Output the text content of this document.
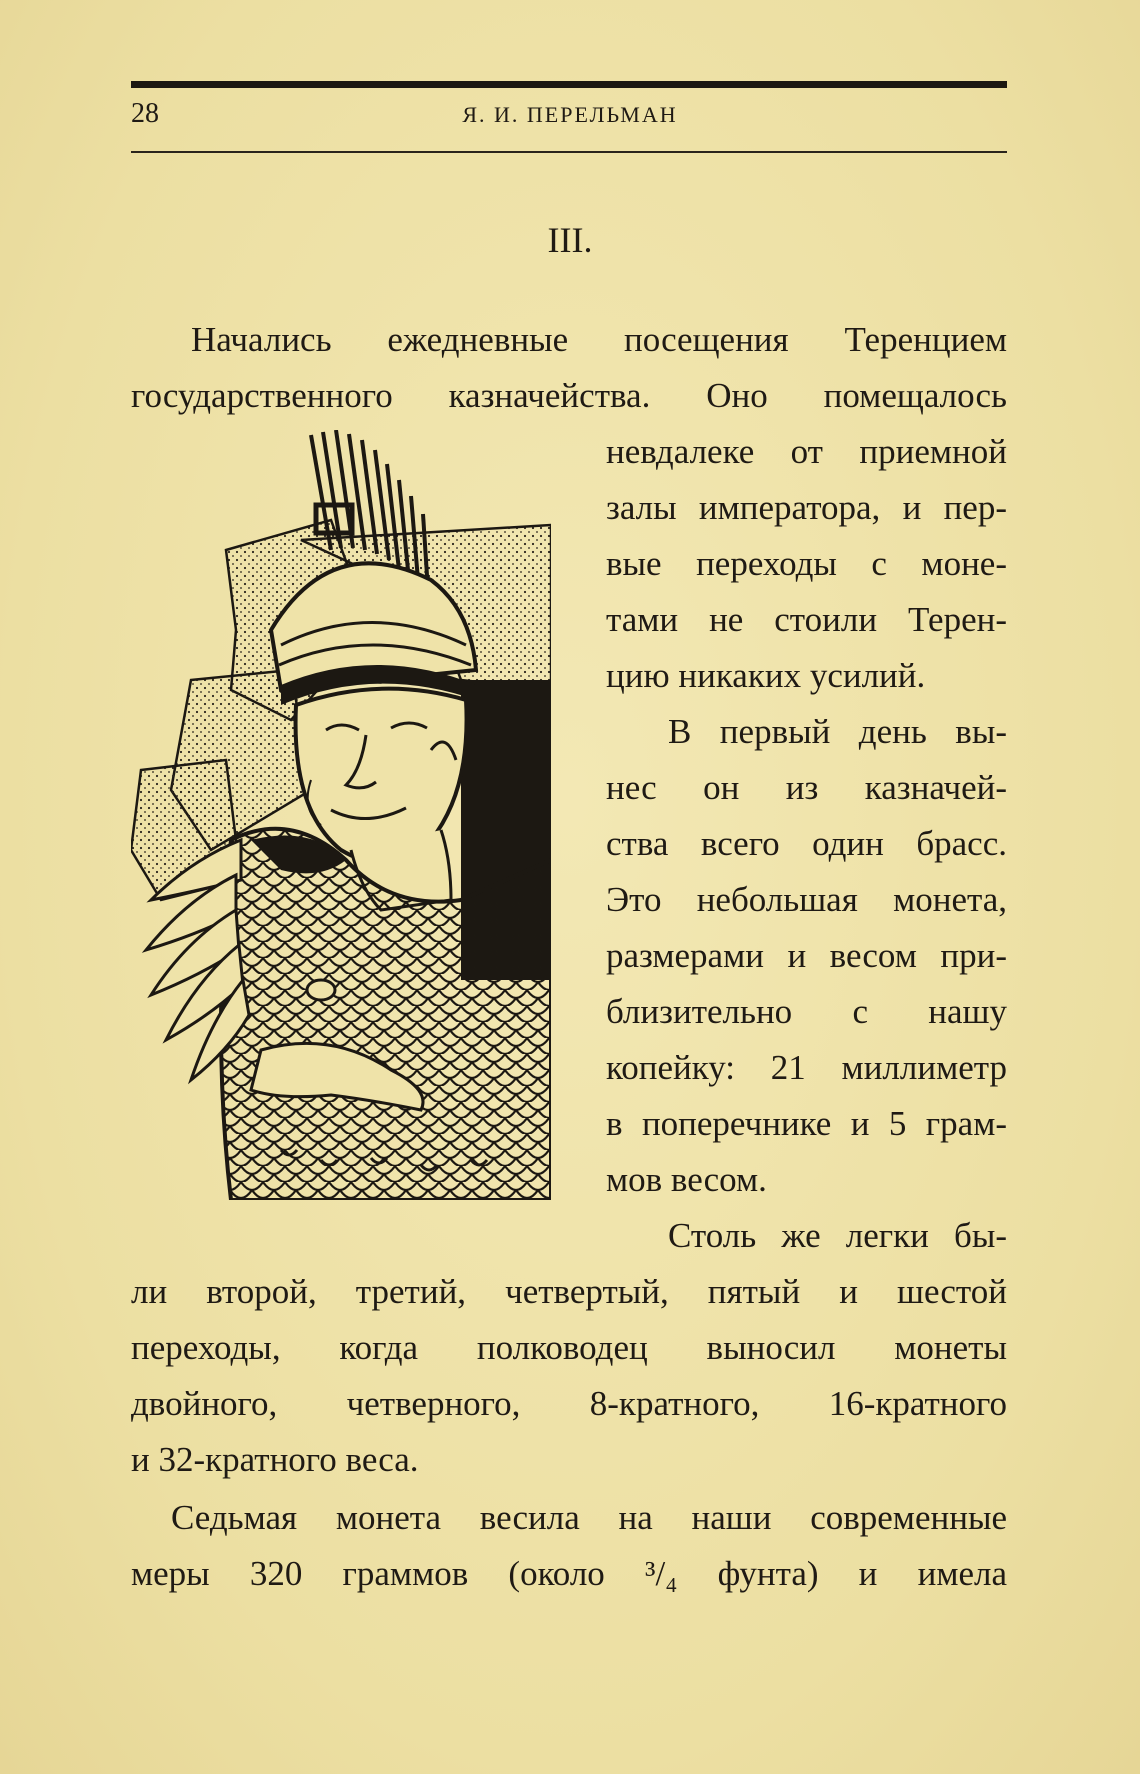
28	Я. И. ПЕРЕЛЬМАН
III.
Начались ежедневные посещения Теренцием
государственного казначейства. Оно помещалось
невдалеке от приемной
залы императора, и пер-
вые переходы с моне-
тами не стоили Терен-
цию никаких усилий.
В первый день вы-
нес он из казначей-
ства всего один брасс.
Это небольшая монета,
размерами и весом при-
близительно с нашу
копейку: 21 миллиметр
в поперечнике и 5 грам-
мов весом.
Столь же легки бы-
ли второй, третий, четвертый, пятый и шестой
переходы, когда полководец выносил монеты
двойного, четверного, 8-кратного, 16-кратного
и 32-кратного веса.
Седьмая монета весила на наши современные
меры 320 граммов (около ³/₄ фунта) и имела
